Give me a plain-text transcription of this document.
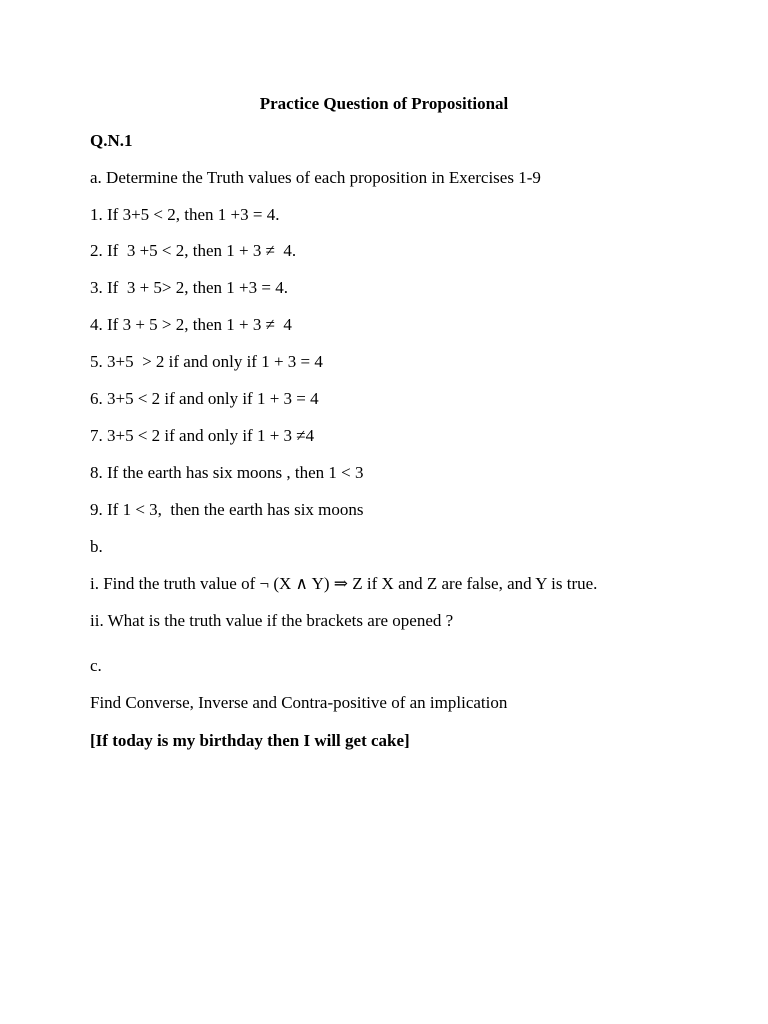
Practice Question of Propositional
Q.N.1
a. Determine the Truth values of each proposition in Exercises 1-9
1. If 3+5 < 2, then 1 +3 = 4.
2. If  3 +5 < 2, then 1 + 3 ≠  4.
3. If  3 + 5> 2, then 1 +3 = 4.
4. If 3 + 5 > 2, then 1 + 3 ≠  4
5. 3+5  > 2 if and only if 1 + 3 = 4
6. 3+5 < 2 if and only if 1 + 3 = 4
7. 3+5 < 2 if and only if 1 + 3 ≠4
8. If the earth has six moons , then 1 < 3
9. If 1 < 3,  then the earth has six moons
b.
i. Find the truth value of ¬ (X ∧ Y) ⇒ Z if X and Z are false, and Y is true.
ii. What is the truth value if the brackets are opened ?
c.
Find Converse, Inverse and Contra-positive of an implication
[If today is my birthday then I will get cake]
